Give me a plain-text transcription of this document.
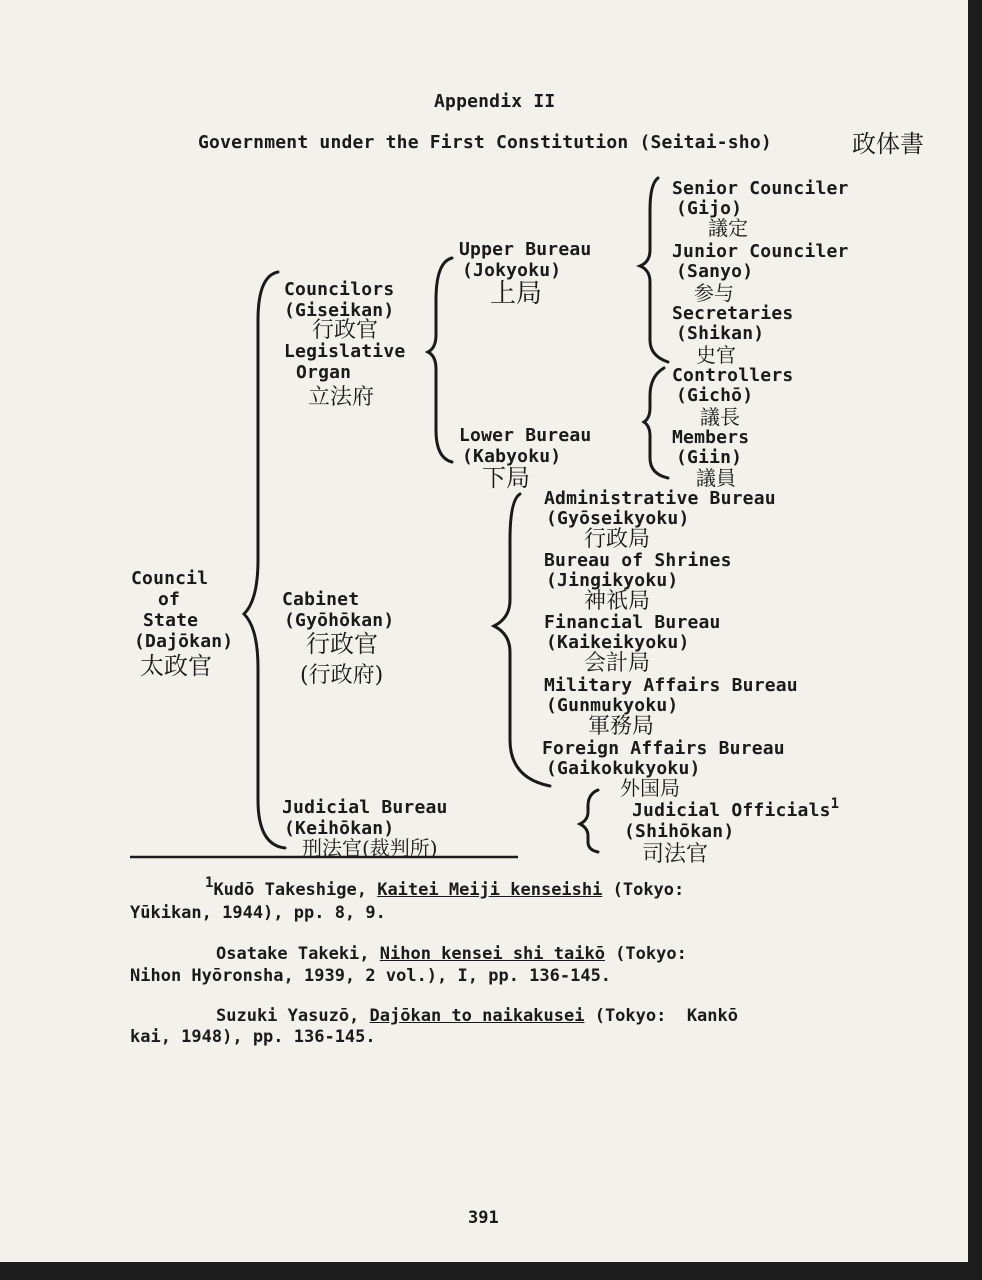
Appendix II
Government under the First Constitution (Seitai-sho)	政体書
Council
of
State
(Dajōkan)
太政官
Councilors
(Giseikan)
行政官
Legislative
Organ
立法府
Upper Bureau
(Jokyoku)
上局
Lower Bureau
(Kabyoku)
下局
Senior Counciler
(Gijo)
議定
Junior Counciler
(Sanyo)
参与
Secretaries
(Shikan)
史官
Controllers
(Gichō)
議長
Members
(Giin)
議員
Cabinet
(Gyōhōkan)
行政官
(行政府)
Administrative Bureau
(Gyōseikyoku)
行政局
Bureau of Shrines
(Jingikyoku)
神祇局
Financial Bureau
(Kaikeikyoku)
会計局
Military Affairs Bureau
(Gunmukyoku)
軍務局
Foreign Affairs Bureau
(Gaikokukyoku)
外国局
Judicial Bureau
(Keihōkan)
刑法官(裁判所)
Judicial Officials$^1$
(Shihōkan)
司法官
$^1$Kudō Takeshige, Kaitei Meiji kenseishi (Tokyo:
Yūkikan, 1944), pp. 8, 9.
Osatake Takeki, Nihon kensei shi taikō (Tokyo:
Nihon Hyōronsha, 1939, 2 vol.), I, pp. 136-145.
Suzuki Yasuzō, Dajōkan to naikakusei (Tokyo:  Kankō
kai, 1948), pp. 136-145.
391
